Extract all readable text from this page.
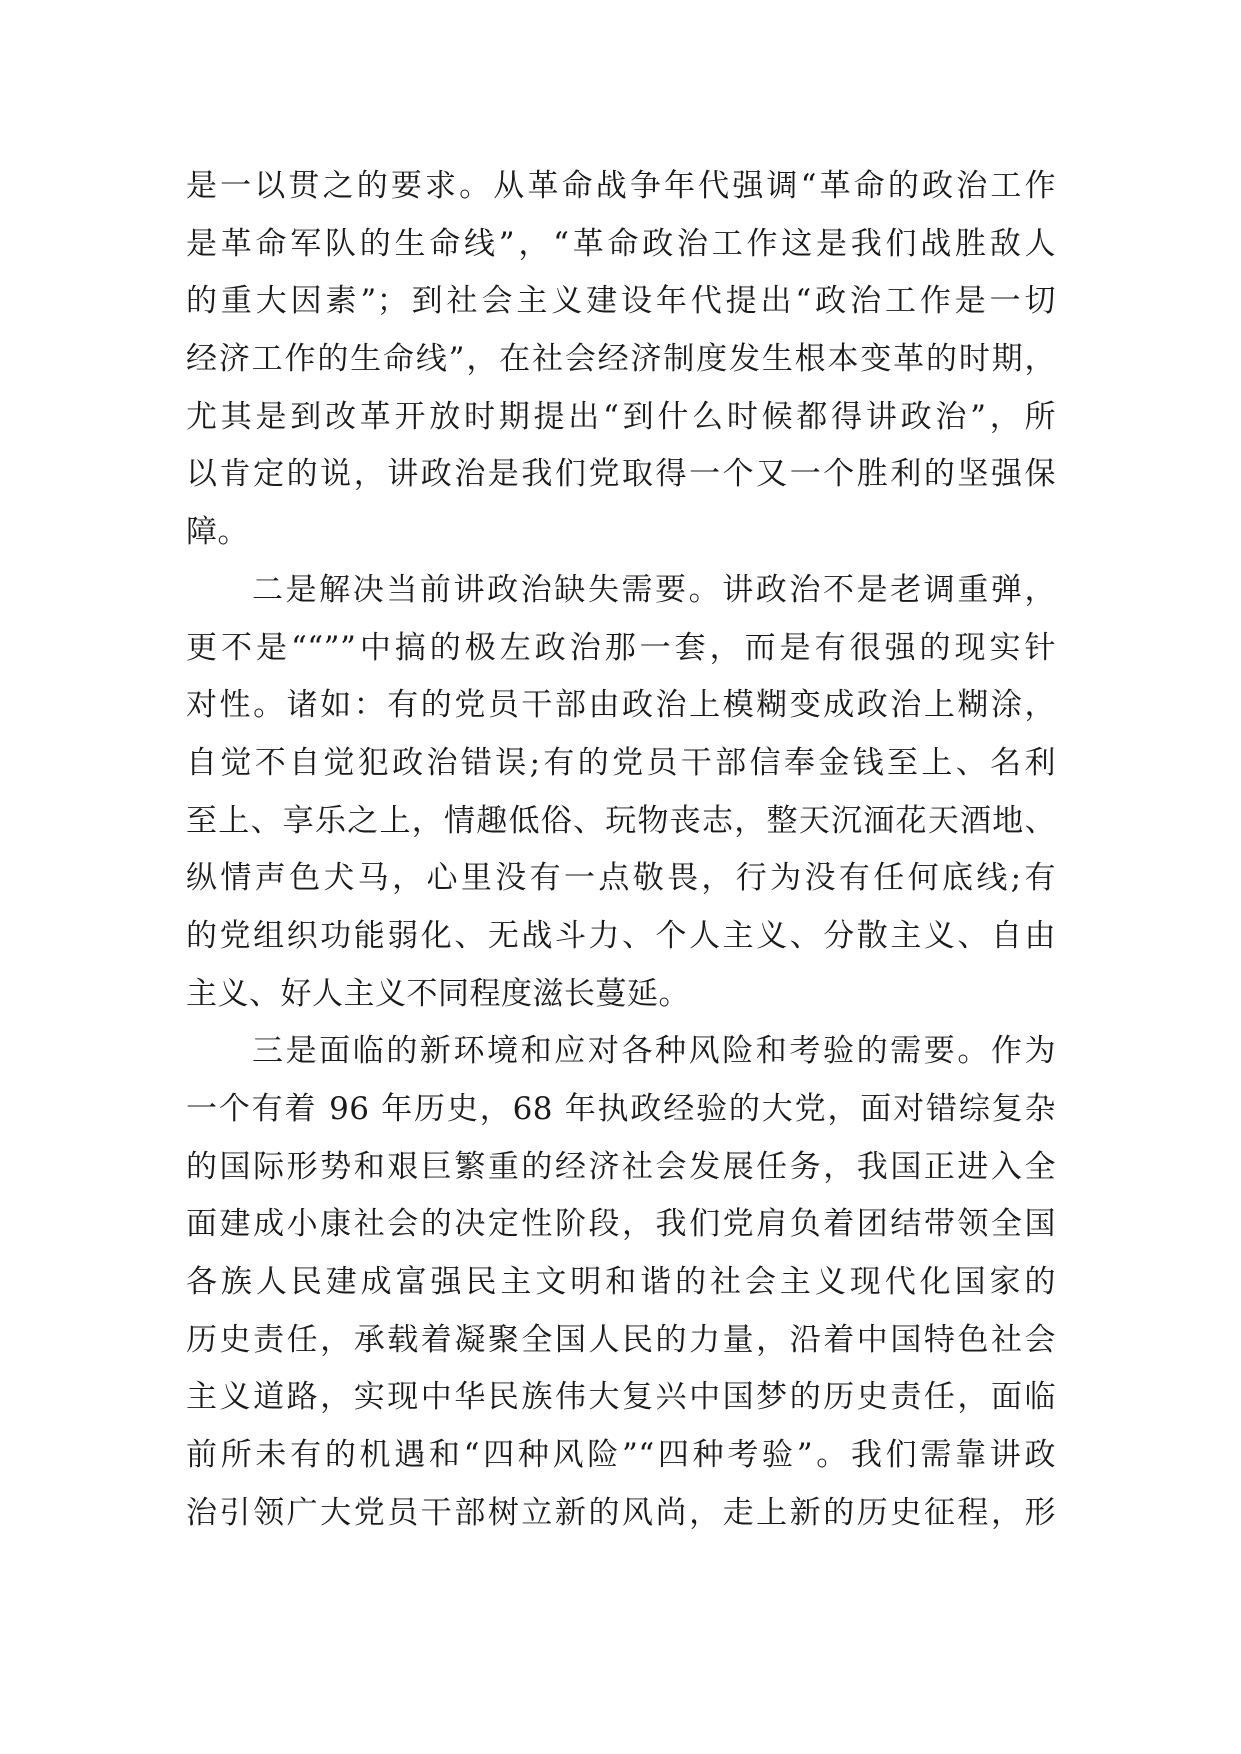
是一以贯之的要求。从革命战争年代强调“革命的政治工作
是革命军队的生命线”，“革命政治工作这是我们战胜敌人
的重大因素”；到社会主义建设年代提出“政治工作是一切
经济工作的生命线”，在社会经济制度发生根本变革的时期，
尤其是到改革开放时期提出“到什么时候都得讲政治”，所
以肯定的说，讲政治是我们党取得一个又一个胜利的坚强保
障。
二是解决当前讲政治缺失需要。讲政治不是老调重弹，
更不是““””中搞的极左政治那一套，而是有很强的现实针
对性。诸如：有的党员干部由政治上模糊变成政治上糊涂，
自觉不自觉犯政治错误;有的党员干部信奉金钱至上、名利
至上、享乐之上，情趣低俗、玩物丧志，整天沉湎花天酒地、
纵情声色犬马，心里没有一点敬畏，行为没有任何底线;有
的党组织功能弱化、无战斗力、个人主义、分散主义、自由
主义、好人主义不同程度滋长蔓延。
三是面临的新环境和应对各种风险和考验的需要。作为
一个有着 96 年历史，68 年执政经验的大党，面对错综复杂
的国际形势和艰巨繁重的经济社会发展任务，我国正进入全
面建成小康社会的决定性阶段，我们党肩负着团结带领全国
各族人民建成富强民主文明和谐的社会主义现代化国家的
历史责任，承载着凝聚全国人民的力量，沿着中国特色社会
主义道路，实现中华民族伟大复兴中国梦的历史责任，面临
前所未有的机遇和“四种风险”“四种考验”。我们需靠讲政
治引领广大党员干部树立新的风尚，走上新的历史征程，形
